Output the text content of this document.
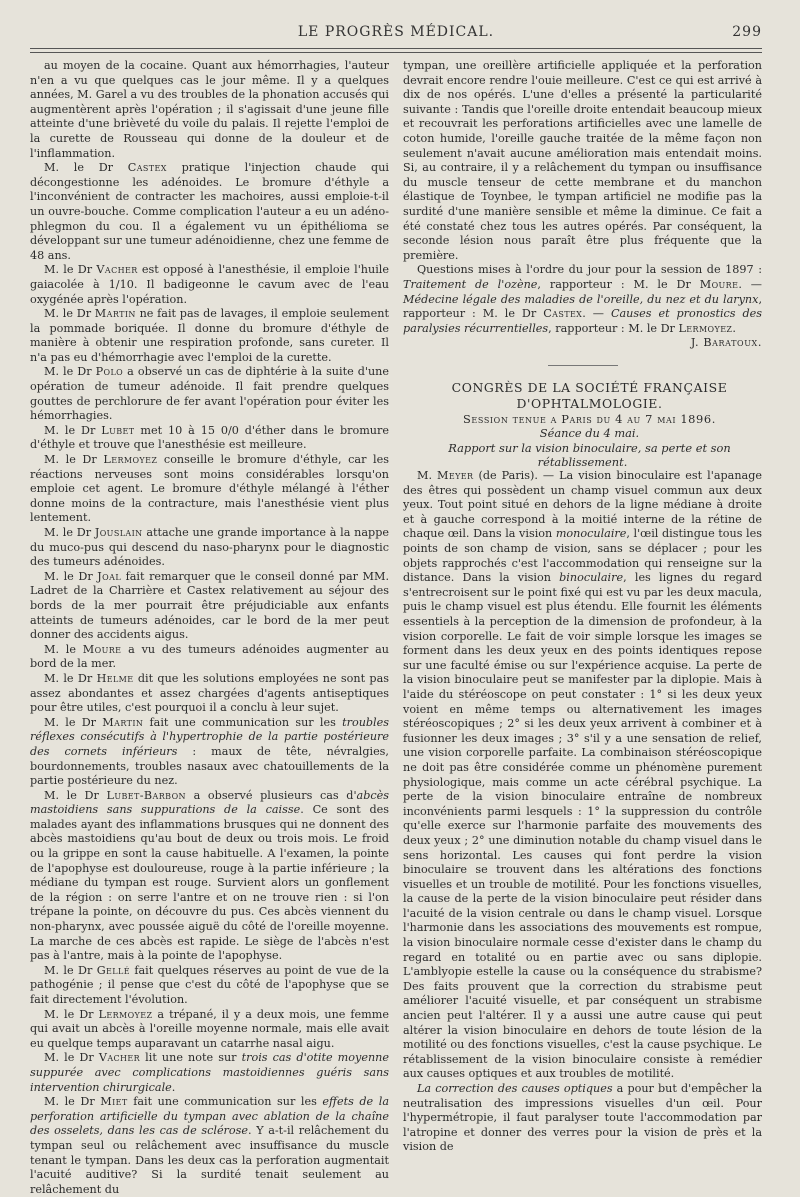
LE PROGRÈS MÉDICAL.	299

au moyen de la cocaine. Quant aux hémorrhagies, l'auteur n'en a vu que quelques cas le jour même. Il y a quelques années, M. Garel a vu des troubles de la phonation accusés qui augmentèrent après l'opération ; il s'agissait d'une jeune fille atteinte d'une brièveté du voile du palais. Il rejette l'emploi de la curette de Rousseau qui donne de la douleur et de l'inflammation.

M. le Dr Castex pratique l'injection chaude qui décongestionne les adénoides. Le bromure d'éthyle a l'inconvénient de contracter les machoires, aussi emploie-t-il un ouvre-bouche. Comme complication l'auteur a eu un adéno-phlegmon du cou. Il a également vu un épithélioma se développant sur une tumeur adénoidienne, chez une femme de 48 ans.

M. le Dr Vacher est opposé à l'anesthésie, il emploie l'huile gaiacolée à 1/10. Il badigeonne le cavum avec de l'eau oxygénée après l'opération.

M. le Dr Martin ne fait pas de lavages, il emploie seulement la pommade boriquée. Il donne du bromure d'éthyle de manière à obtenir une respiration profonde, sans cureter. Il n'a pas eu d'hémorrhagie avec l'emploi de la curette.

M. le Dr Polo a observé un cas de diphtérie à la suite d'une opération de tumeur adénoide. Il fait prendre quelques gouttes de perchlorure de fer avant l'opération pour éviter les hémorrhagies.

M. le Dr Lubet met 10 à 15 0/0 d'éther dans le bromure d'éthyle et trouve que l'anesthésie est meilleure.

M. le Dr Lermoyez conseille le bromure d'éthyle, car les réactions nerveuses sont moins considérables lorsqu'on emploie cet agent. Le bromure d'éthyle mélangé à l'éther donne moins de la contracture, mais l'anesthésie vient plus lentement.

M. le Dr Jouslain attache une grande importance à la nappe du muco-pus qui descend du naso-pharynx pour le diagnostic des tumeurs adénoides.

M. le Dr Joal fait remarquer que le conseil donné par MM. Ladret de la Charrière et Castex relativement au séjour des bords de la mer pourrait être préjudiciable aux enfants atteints de tumeurs adénoides, car le bord de la mer peut donner des accidents aigus.

M. le Moure a vu des tumeurs adénoides augmenter au bord de la mer.

M. le Dr Helme dit que les solutions employées ne sont pas assez abondantes et assez chargées d'agents antiseptiques pour être utiles, c'est pourquoi il a conclu à leur sujet.

M. le Dr Martin fait une communication sur les troubles réflexes consécutifs à l'hypertrophie de la partie postérieure des cornets inférieurs : maux de tête, névralgies, bourdonnements, troubles nasaux avec chatouillements de la partie postérieure du nez.

M. le Dr Lubet-Barbon a observé plusieurs cas d'abcès mastoidiens sans suppurations de la caisse. Ce sont des malades ayant des inflammations brusques qui ne donnent des abcès mastoidiens qu'au bout de deux ou trois mois. Le froid ou la grippe en sont la cause habituelle. A l'examen, la pointe de l'apophyse est douloureuse, rouge à la partie inférieure ; la médiane du tympan est rouge. Survient alors un gonflement de la région : on serre l'antre et on ne trouve rien : si l'on trépane la pointe, on découvre du pus. Ces abcès viennent du non-pharynx, avec poussée aiguë du côté de l'oreille moyenne. La marche de ces abcès est rapide. Le siège de l'abcès n'est pas à l'antre, mais à la pointe de l'apophyse.

M. le Dr Gellé fait quelques réserves au point de vue de la pathogénie ; il pense que c'est du côté de l'apophyse que se fait directement l'évolution.

M. le Dr Lermoyez a trépané, il y a deux mois, une femme qui avait un abcès à l'oreille moyenne normale, mais elle avait eu quelque temps auparavant un catarrhe nasal aigu.

M. le Dr Vacher lit une note sur trois cas d'otite moyenne suppurée avec complications mastoidiennes guéris sans intervention chirurgicale.

M. le Dr Miet fait une communication sur les effets de la perforation artificielle du tympan avec ablation de la chaîne des osselets, dans les cas de sclérose. Y a-t-il relâchement du tympan seul ou relâchement avec insuffisance du muscle tenant le tympan. Dans les deux cas la perforation augmentait l'acuité auditive? Si la surdité tenait seulement au relâchement du

tympan, une oreillère artificielle appliquée et la perforation devrait encore rendre l'ouie meilleure. C'est ce qui est arrivé à dix de nos opérés. L'une d'elles a présenté la particularité suivante : Tandis que l'oreille droite entendait beaucoup mieux et recouvrait les perforations artificielles avec une lamelle de coton humide, l'oreille gauche traitée de la même façon non seulement n'avait aucune amélioration mais entendait moins. Si, au contraire, il y a relâchement du tympan ou insuffisance du muscle tenseur de cette membrane et du manchon élastique de Toynbee, le tympan artificiel ne modifie pas la surdité d'une manière sensible et même la diminue. Ce fait a été constaté chez tous les autres opérés. Par conséquent, la seconde lésion nous paraît être plus fréquente que la première.

Questions mises à l'ordre du jour pour la session de 1897 : Traitement de l'ozène, rapporteur : M. le Dr Moure. — Médecine légale des maladies de l'oreille, du nez et du larynx, rapporteur : M. le Dr Castex. — Causes et pronostics des paralysies récurrentielles, rapporteur : M. le Dr Lermoyez.

J. Baratoux.

CONGRÈS DE LA SOCIÉTÉ FRANÇAISE

D'OPHTALMOLOGIE.

Session tenue a Paris du 4 au 7 mai 1896.

Séance du 4 mai.

Rapport sur la vision binoculaire, sa perte et son rétablissement.

M. Meyer (de Paris). — La vision binoculaire est l'apanage des êtres qui possèdent un champ visuel commun aux deux yeux. Tout point situé en dehors de la ligne médiane à droite et à gauche correspond à la moitié interne de la rétine de chaque œil. Dans la vision monoculaire, l'œil distingue tous les points de son champ de vision, sans se déplacer ; pour les objets rapprochés c'est l'accommodation qui renseigne sur la distance. Dans la vision binoculaire, les lignes du regard s'entrecroisent sur le point fixé qui est vu par les deux macula, puis le champ visuel est plus étendu. Elle fournit les éléments essentiels à la perception de la dimension de profondeur, à la vision corporelle. Le fait de voir simple lorsque les images se forment dans les deux yeux en des points identiques repose sur une faculté émise ou sur l'expérience acquise. La perte de la vision binoculaire peut se manifester par la diplopie. Mais à l'aide du stéréoscope on peut constater : 1° si les deux yeux voient en même temps ou alternativement les images stéréoscopiques ; 2° si les deux yeux arrivent à combiner et à fusionner les deux images ; 3° s'il y a une sensation de relief, une vision corporelle parfaite. La combinaison stéréoscopique ne doit pas être considérée comme un phénomène purement physiologique, mais comme un acte cérébral psychique. La perte de la vision binoculaire entraîne de nombreux inconvénients parmi lesquels : 1° la suppression du contrôle qu'elle exerce sur l'harmonie parfaite des mouvements des deux yeux ; 2° une diminution notable du champ visuel dans le sens horizontal. Les causes qui font perdre la vision binoculaire se trouvent dans les altérations des fonctions visuelles et un trouble de motilité. Pour les fonctions visuelles, la cause de la perte de la vision binoculaire peut résider dans l'acuité de la vision centrale ou dans le champ visuel. Lorsque l'harmonie dans les associations des mouvements est rompue, la vision binoculaire normale cesse d'exister dans le champ du regard en totalité ou en partie avec ou sans diplopie. L'amblyopie estelle la cause ou la conséquence du strabisme? Des faits prouvent que la correction du strabisme peut améliorer l'acuité visuelle, et par conséquent un strabisme ancien peut l'altérer. Il y a aussi une autre cause qui peut altérer la vision binoculaire en dehors de toute lésion de la motilité ou des fonctions visuelles, c'est la cause psychique. Le rétablissement de la vision binoculaire consiste à remédier aux causes optiques et aux troubles de motilité.

La correction des causes optiques a pour but d'empêcher la neutralisation des impressions visuelles d'un œil. Pour l'hypermétropie, il faut paralyser toute l'accommodation par l'atropine et donner des verres pour la vision de près et la vision de
